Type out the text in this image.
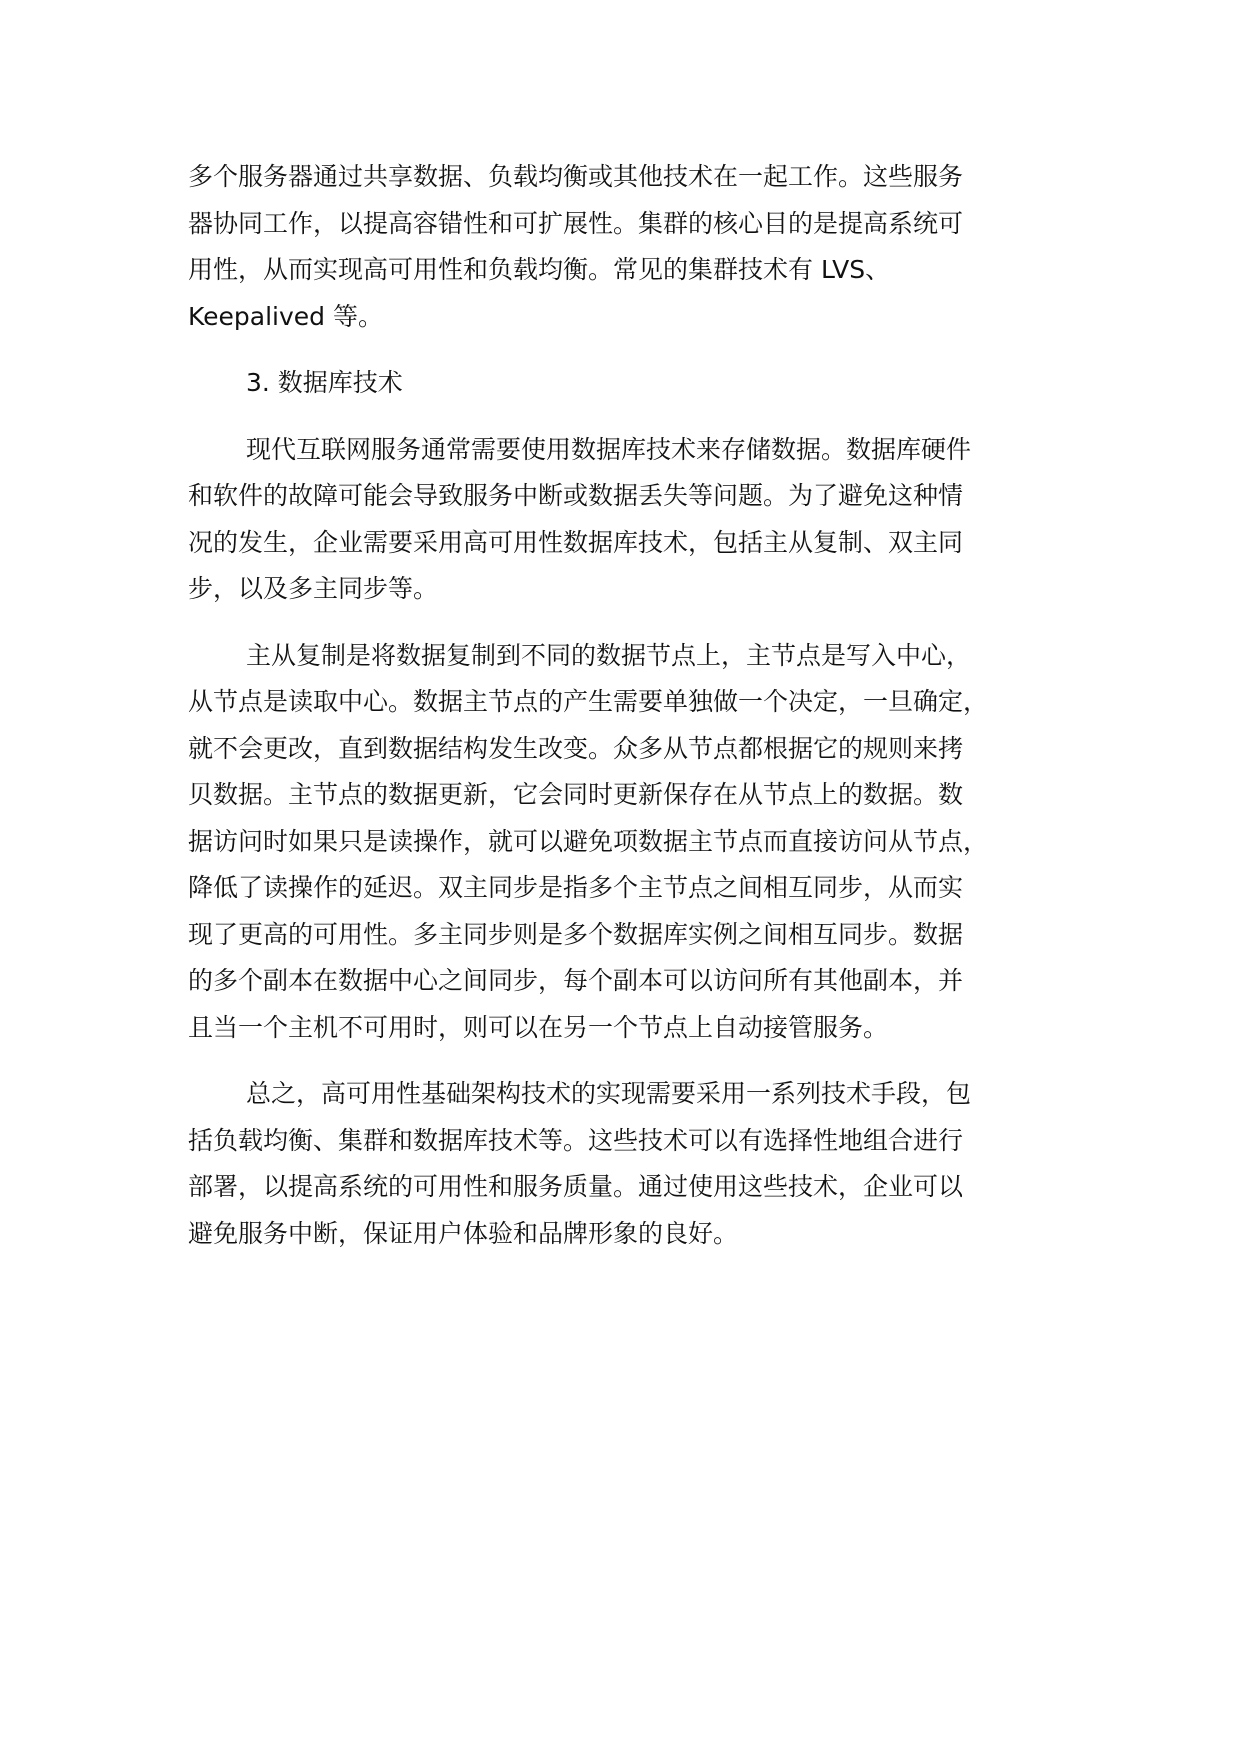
多个服务器通过共享数据、负载均衡或其他技术在一起工作。这些服务
器协同工作，以提高容错性和可扩展性。集群的核心目的是提高系统可
用性，从而实现高可用性和负载均衡。常见的集群技术有 LVS、
Keepalived 等。
3. 数据库技术
现代互联网服务通常需要使用数据库技术来存储数据。数据库硬件
和软件的故障可能会导致服务中断或数据丢失等问题。为了避免这种情
况的发生，企业需要采用高可用性数据库技术，包括主从复制、双主同
步，以及多主同步等。
主从复制是将数据复制到不同的数据节点上，主节点是写入中心，
从节点是读取中心。数据主节点的产生需要单独做一个决定，一旦确定，
就不会更改，直到数据结构发生改变。众多从节点都根据它的规则来拷
贝数据。主节点的数据更新，它会同时更新保存在从节点上的数据。数
据访问时如果只是读操作，就可以避免项数据主节点而直接访问从节点，
降低了读操作的延迟。双主同步是指多个主节点之间相互同步，从而实
现了更高的可用性。多主同步则是多个数据库实例之间相互同步。数据
的多个副本在数据中心之间同步，每个副本可以访问所有其他副本，并
且当一个主机不可用时，则可以在另一个节点上自动接管服务。
总之，高可用性基础架构技术的实现需要采用一系列技术手段，包
括负载均衡、集群和数据库技术等。这些技术可以有选择性地组合进行
部署，以提高系统的可用性和服务质量。通过使用这些技术，企业可以
避免服务中断，保证用户体验和品牌形象的良好。
